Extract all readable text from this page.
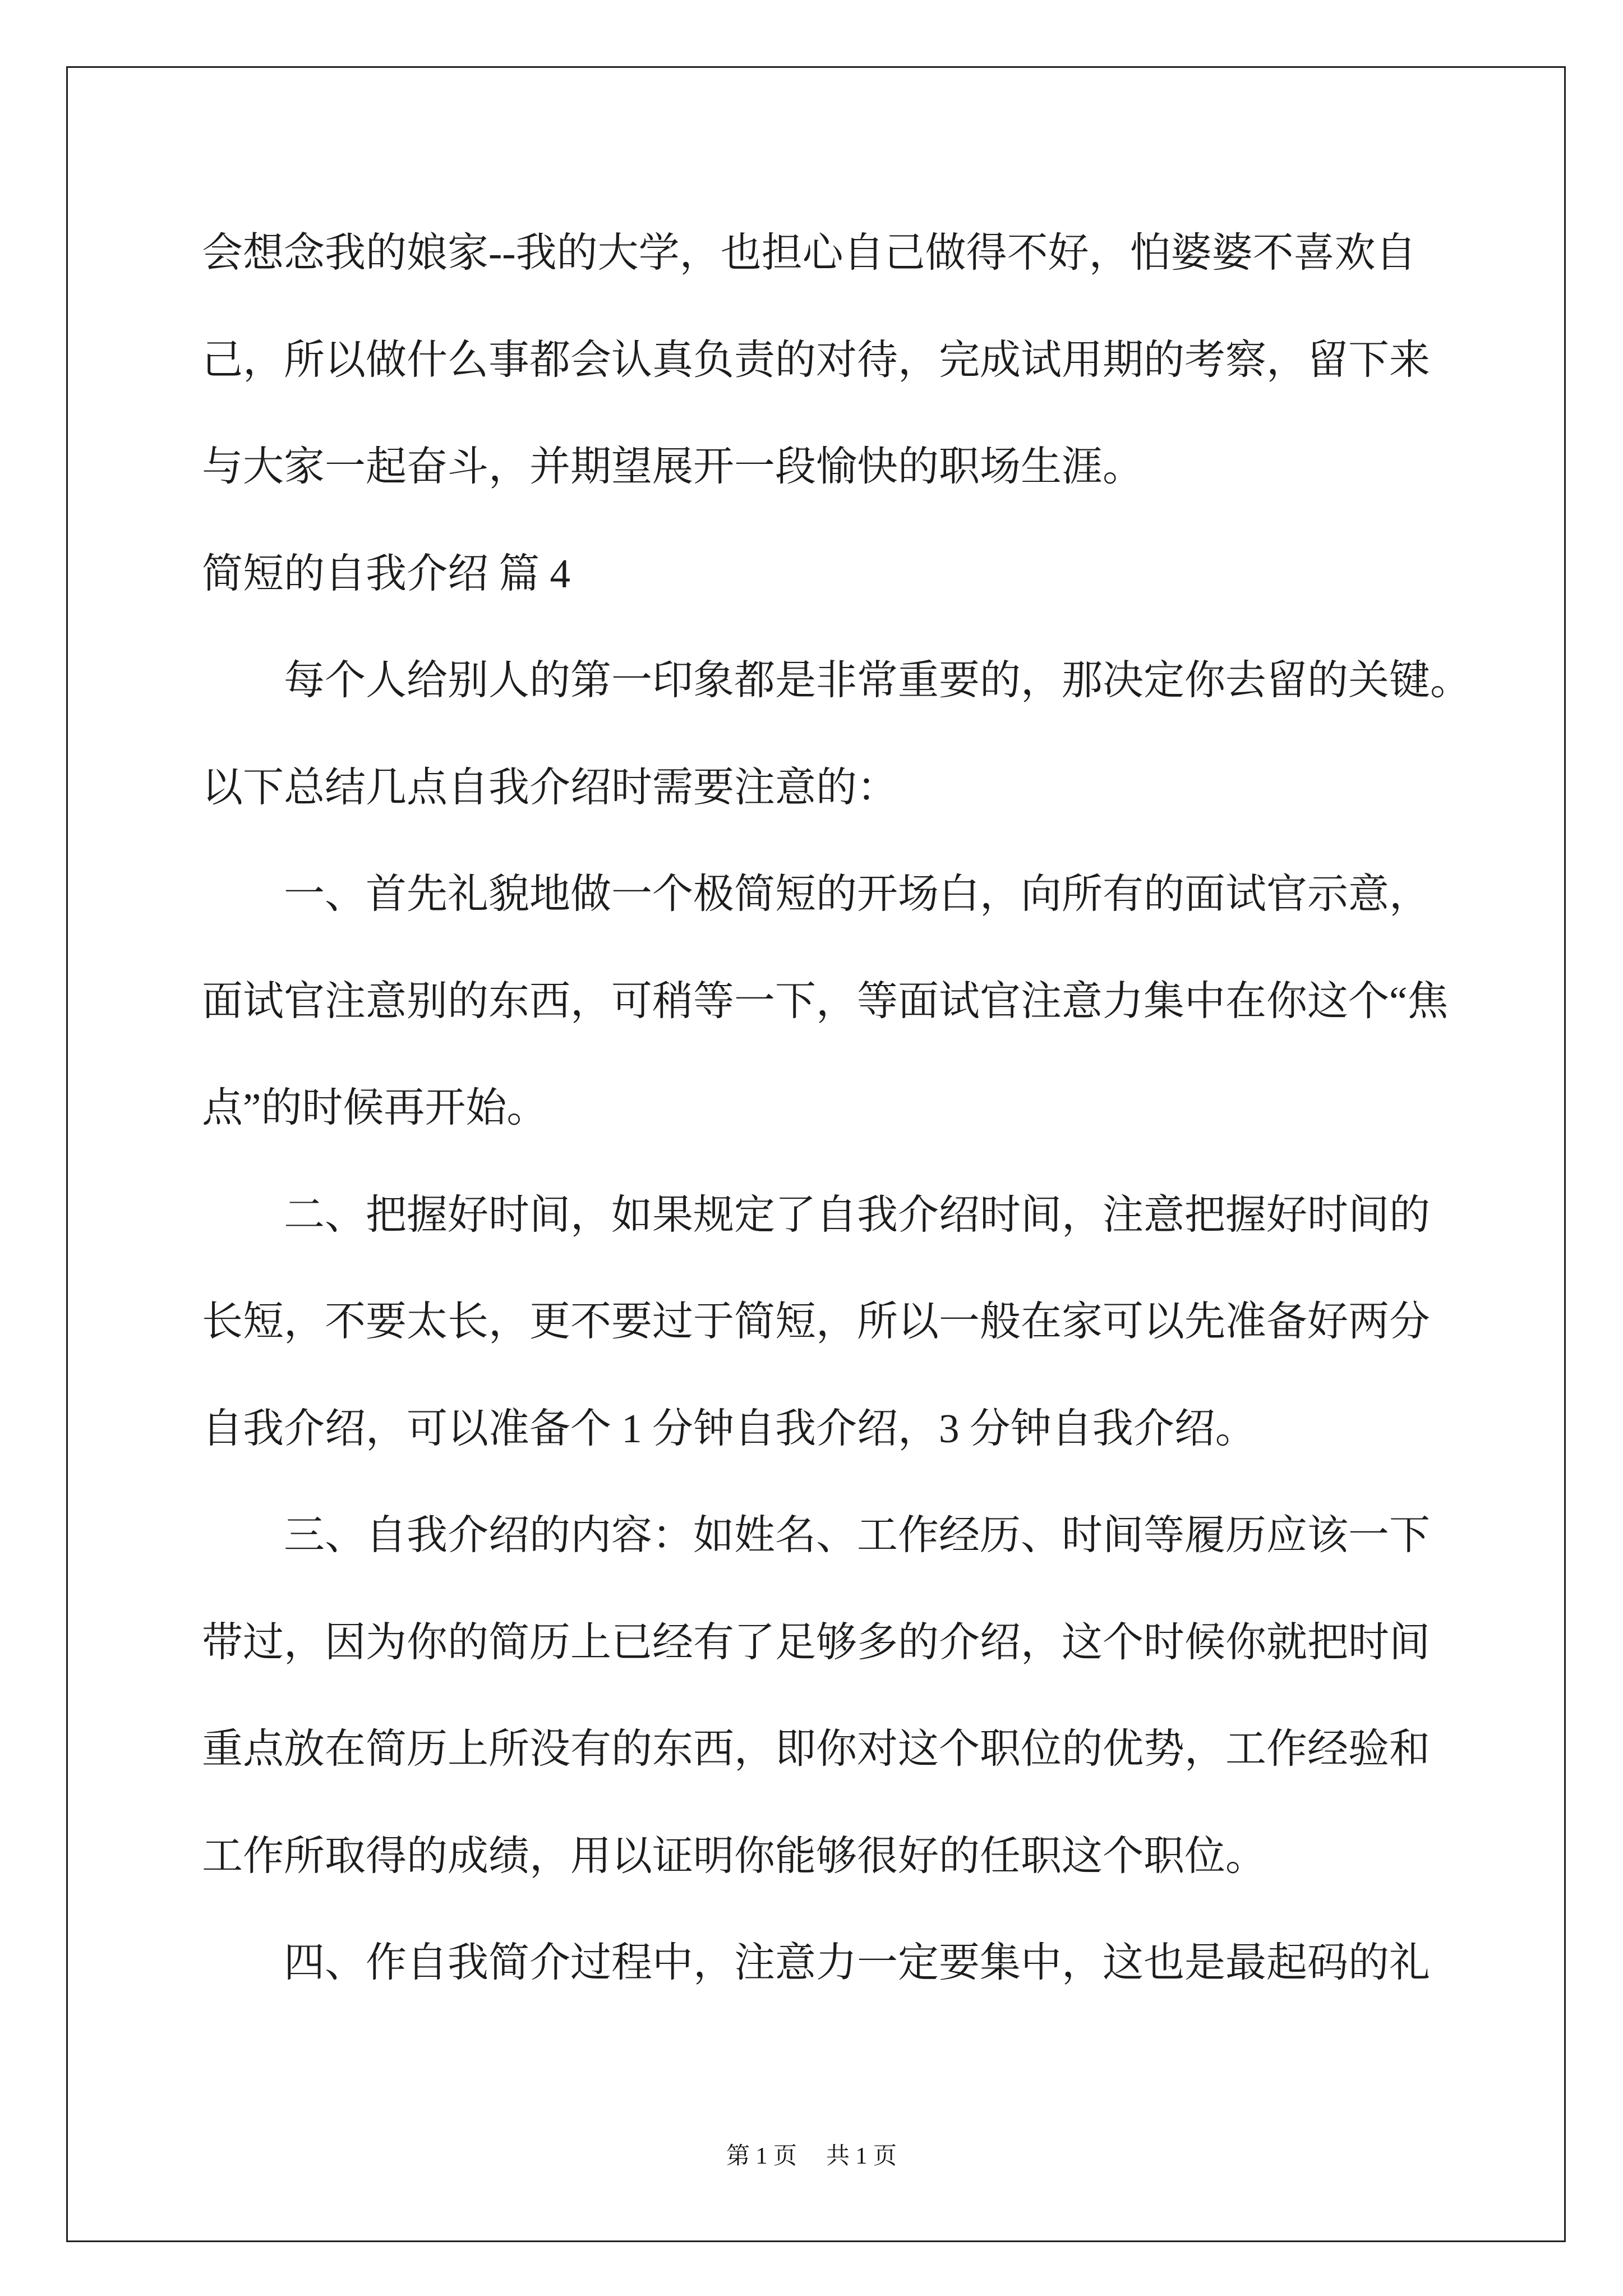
会想念我的娘家--我的大学，也担心自己做得不好，怕婆婆不喜欢自
己，所以做什么事都会认真负责的对待，完成试用期的考察，留下来
与大家一起奋斗，并期望展开一段愉快的职场生涯。
简短的自我介绍 篇 4
每个人给别人的第一印象都是非常重要的，那决定你去留的关键。
以下总结几点自我介绍时需要注意的：
一、首先礼貌地做一个极简短的开场白，向所有的面试官示意，
面试官注意别的东西，可稍等一下，等面试官注意力集中在你这个“焦
点”的时候再开始。
二、把握好时间，如果规定了自我介绍时间，注意把握好时间的
长短，不要太长，更不要过于简短，所以一般在家可以先准备好两分
自我介绍，可以准备个 1 分钟自我介绍，3 分钟自我介绍。
三、自我介绍的内容：如姓名、工作经历、时间等履历应该一下
带过，因为你的简历上已经有了足够多的介绍，这个时候你就把时间
重点放在简历上所没有的东西，即你对这个职位的优势，工作经验和
工作所取得的成绩，用以证明你能够很好的任职这个职位。
四、作自我简介过程中，注意力一定要集中，这也是最起码的礼
第 1 页 共 1 页
